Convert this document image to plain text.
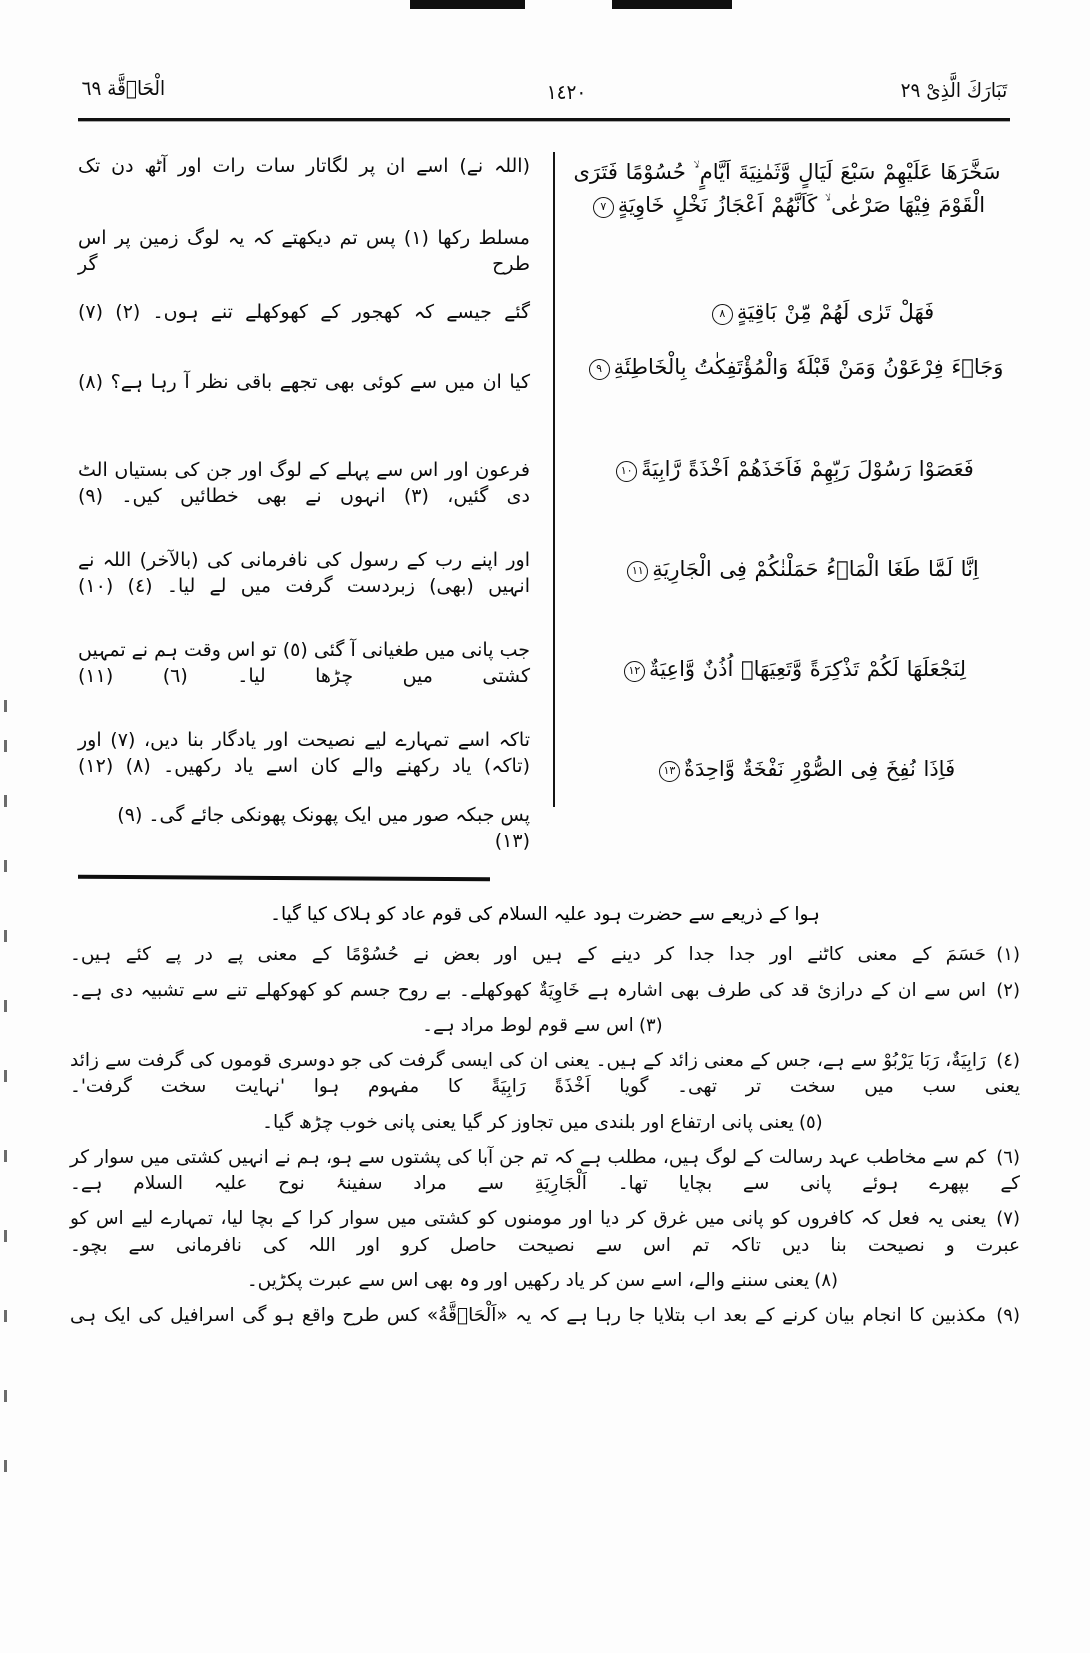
تَبَارَكَ الَّذِىْ ٢٩
١٤٢٠
الْحَاۤقَّة ٦٩
سَخَّرَهَا عَلَيْهِمْ سَبْعَ لَيَالٍ وَّثَمٰنِيَةَ اَيَّامٍ ۙ حُسُوْمًا فَتَرَى الْقَوْمَ فِيْهَا صَرْعٰى ۙ كَاَنَّهُمْ اَعْجَازُ نَخْلٍ خَاوِيَةٍ٧
فَهَلْ تَرٰى لَهُمْ مِّنْ بَاقِيَةٍ٨
وَجَاۤءَ فِرْعَوْنُ وَمَنْ قَبْلَهٗ وَالْمُؤْتَفِكٰتُ بِالْخَاطِئَةِ٩
فَعَصَوْا رَسُوْلَ رَبِّهِمْ فَاَخَذَهُمْ اَخْذَةً رَّابِيَةً١٠
اِنَّا لَمَّا طَغَا الْمَاۤءُ حَمَلْنٰكُمْ فِى الْجَارِيَةِ١١
لِنَجْعَلَهَا لَكُمْ تَذْكِرَةً وَّتَعِيَهَاۤ اُذُنٌ وَّاعِيَةٌ١٢
فَاِذَا نُفِخَ فِى الصُّوْرِ نَفْخَةٌ وَّاحِدَةٌ١٣
(اللہ نے) اسے ان پر لگاتار سات رات اور آٹھ دن تک
مسلط رکھا (١) پس تم دیکھتے کہ یہ لوگ زمین پر اس طرح گر
گئے جیسے کہ کھجور کے کھوکھلے تنے ہوں۔ (٢) (٧)
کیا ان میں سے کوئی بھی تجھے باقی نظر آ رہا ہے؟ (٨)
فرعون اور اس سے پہلے کے لوگ اور جن کی بستیاں الٹ دی گئیں، (٣) انہوں نے بھی خطائیں کیں۔ (٩)
اور اپنے رب کے رسول کی نافرمانی کی (بالآخر) اللہ نے انہیں (بھی) زبردست گرفت میں لے لیا۔ (٤) (١٠)
جب پانی میں طغیانی آ گئی (٥) تو اس وقت ہم نے تمہیں کشتی میں چڑھا لیا۔ (٦) (١١)
تاکہ اسے تمہارے لیے نصیحت اور یادگار بنا دیں، (٧) اور (تاکہ) یاد رکھنے والے کان اسے یاد رکھیں۔ (٨) (١٢)
پس جبکہ صور میں ایک پھونک پھونکی جائے گی۔ (٩) (١٣)
ہوا کے ذریعے سے حضرت ہود علیہ السلام کی قوم عاد کو ہلاک کیا گیا۔
(١)حَسَمَ کے معنی کاٹنے اور جدا جدا کر دینے کے ہیں اور بعض نے حُسُوْمًا کے معنی پے در پے کئے ہیں۔
(٢)اس سے ان کے درازئ قد کی طرف بھی اشارہ ہے خَاوِیَةٌ کھوکھلے۔ بے روح جسم کو کھوکھلے تنے سے تشبیہ دی ہے۔
(٣)اس سے قوم لوط مراد ہے۔
(٤)رَابِیَةٌ، رَبَا یَرْبُوْ سے ہے، جس کے معنی زائد کے ہیں۔ یعنی ان کی ایسی گرفت کی جو دوسری قوموں کی گرفت سے زائد یعنی سب میں سخت تر تھی۔ گویا اَخْذَةً رَابِیَةً کا مفہوم ہوا 'نہایت سخت گرفت'۔
(٥)یعنی پانی ارتفاع اور بلندی میں تجاوز کر گیا یعنی پانی خوب چڑھ گیا۔
(٦)کم سے مخاطب عہد رسالت کے لوگ ہیں، مطلب ہے کہ تم جن آبا کی پشتوں سے ہو، ہم نے انہیں کشتی میں سوار کر کے بپھرے ہوئے پانی سے بچایا تھا۔ اَلْجَارِیَةِ سے مراد سفینۂ نوح علیہ السلام ہے۔
(٧)یعنی یہ فعل کہ کافروں کو پانی میں غرق کر دیا اور مومنوں کو کشتی میں سوار کرا کے بچا لیا، تمہارے لیے اس کو عبرت و نصیحت بنا دیں تاکہ تم اس سے نصیحت حاصل کرو اور اللہ کی نافرمانی سے بچو۔
(٨)یعنی سننے والے، اسے سن کر یاد رکھیں اور وہ بھی اس سے عبرت پکڑیں۔
(٩)مکذبین کا انجام بیان کرنے کے بعد اب بتلایا جا رہا ہے کہ یہ «اَلْحَاۤقَّةُ» کس طرح واقع ہو گی اسرافیل کی ایک ہی
